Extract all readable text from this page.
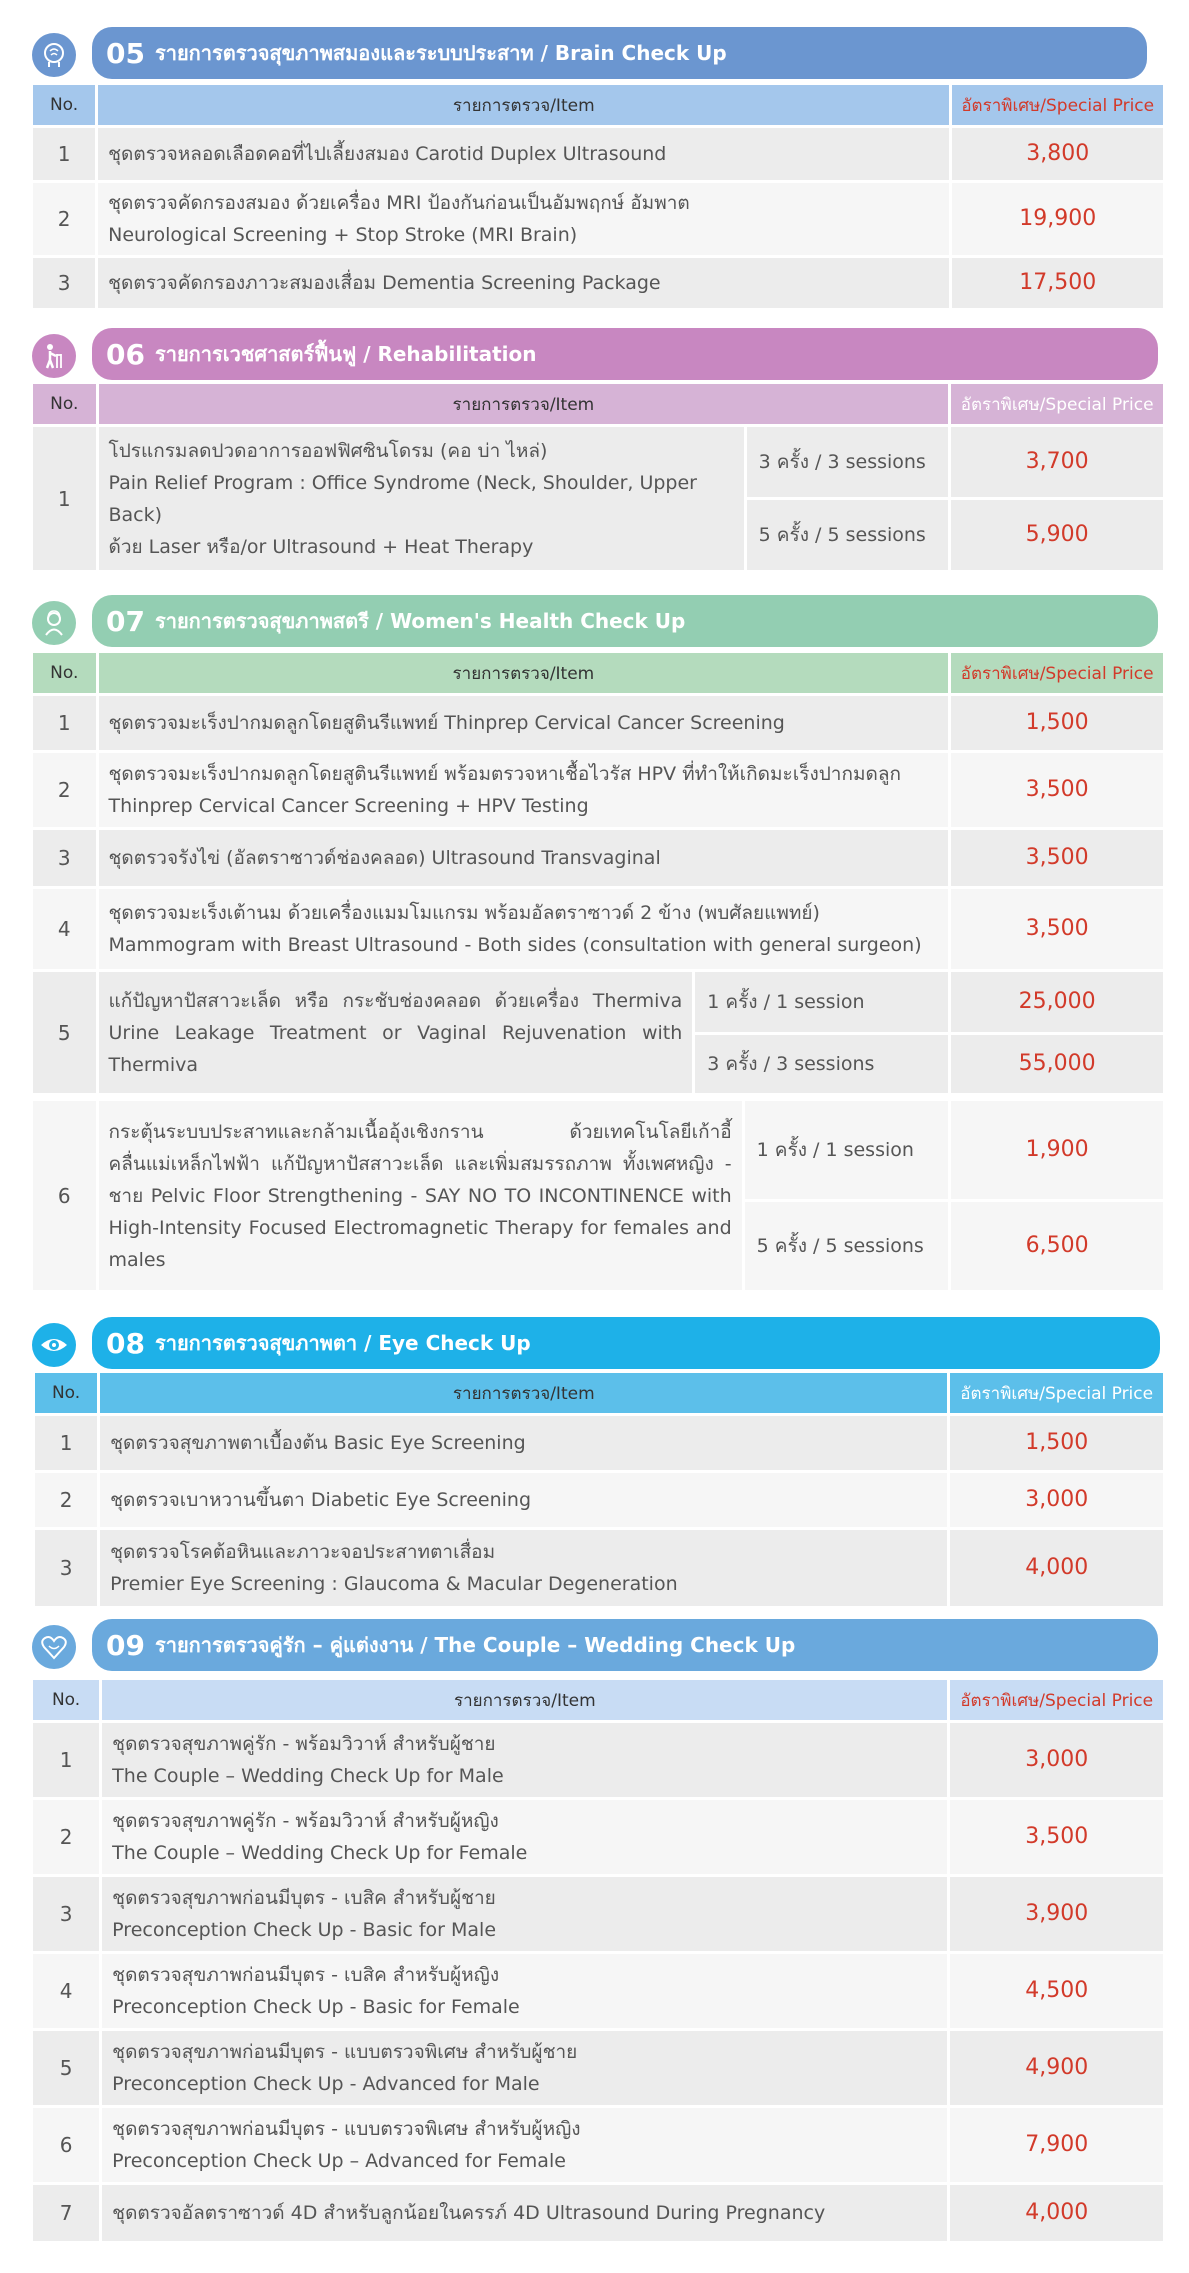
05 รายการตรวจสุขภาพสมองและระบบประสาท / Brain Check Up
No.	รายการตรวจ/Item	อัตราพิเศษ/Special Price
1	ชุดตรวจหลอดเลือดคอที่ไปเลี้ยงสมอง Carotid Duplex Ultrasound	3,800
2	ชุดตรวจคัดกรองสมอง ด้วยเครื่อง MRI ป้องกันก่อนเป็นอัมพฤกษ์ อัมพาต
Neurological Screening + Stop Stroke (MRI Brain)	19,900
3	ชุดตรวจคัดกรองภาวะสมองเสื่อม Dementia Screening Package	17,500
06 รายการเวชศาสตร์ฟื้นฟู / Rehabilitation
No.	รายการตรวจ/Item		อัตราพิเศษ/Special Price
1	โปรแกรมลดปวดอาการออฟฟิศซินโดรม (คอ บ่า ไหล่)
Pain Relief Program : Office Syndrome (Neck, Shoulder, Upper Back)
ด้วย Laser หรือ/or Ultrasound + Heat Therapy	3 ครั้ง / 3 sessions	3,700
		5 ครั้ง / 5 sessions	5,900
07 รายการตรวจสุขภาพสตรี / Women's Health Check Up
No.	รายการตรวจ/Item		อัตราพิเศษ/Special Price
1	ชุดตรวจมะเร็งปากมดลูกโดยสูตินรีแพทย์ Thinprep Cervical Cancer Screening		1,500
2	ชุดตรวจมะเร็งปากมดลูกโดยสูตินรีแพทย์ พร้อมตรวจหาเชื้อไวรัส HPV ที่ทำให้เกิดมะเร็งปากมดลูก
Thinprep Cervical Cancer Screening + HPV Testing		3,500
3	ชุดตรวจรังไข่ (อัลตราซาวด์ช่องคลอด) Ultrasound Transvaginal		3,500
4	ชุดตรวจมะเร็งเต้านม ด้วยเครื่องแมมโมแกรม พร้อมอัลตราซาวด์ 2 ข้าง (พบศัลยแพทย์)
Mammogram with Breast Ultrasound - Both sides (consultation with general surgeon)		3,500
5	แก้ปัญหาปัสสาวะเล็ด หรือ กระชับช่องคลอด ด้วยเครื่อง Thermiva Urine Leakage Treatment or Vaginal Rejuvenation with Thermiva	1 ครั้ง / 1 session	25,000
		3 ครั้ง / 3 sessions	55,000
6	กระตุ้นระบบประสาทและกล้ามเนื้ออุ้งเชิงกราน ด้วยเทคโนโลยีเก้าอี้คลื่นแม่เหล็กไฟฟ้า แก้ปัญหาปัสสาวะเล็ด และเพิ่มสมรรถภาพ ทั้งเพศหญิง - ชาย Pelvic Floor Strengthening - SAY NO TO INCONTINENCE with High-Intensity Focused Electromagnetic Therapy for females and males	1 ครั้ง / 1 session	1,900
		5 ครั้ง / 5 sessions	6,500
08 รายการตรวจสุขภาพตา / Eye Check Up
No.	รายการตรวจ/Item	อัตราพิเศษ/Special Price
1	ชุดตรวจสุขภาพตาเบื้องต้น Basic Eye Screening	1,500
2	ชุดตรวจเบาหวานขึ้นตา Diabetic Eye Screening	3,000
3	ชุดตรวจโรคต้อหินและภาวะจอประสาทตาเสื่อม
Premier Eye Screening : Glaucoma & Macular Degeneration	4,000
09 รายการตรวจคู่รัก – คู่แต่งงาน / The Couple – Wedding Check Up
No.	รายการตรวจ/Item	อัตราพิเศษ/Special Price
1	ชุดตรวจสุขภาพคู่รัก - พร้อมวิวาห์ สำหรับผู้ชาย
The Couple – Wedding Check Up for Male	3,000
2	ชุดตรวจสุขภาพคู่รัก - พร้อมวิวาห์ สำหรับผู้หญิง
The Couple – Wedding Check Up for Female	3,500
3	ชุดตรวจสุขภาพก่อนมีบุตร - เบสิค สำหรับผู้ชาย
Preconception Check Up - Basic for Male	3,900
4	ชุดตรวจสุขภาพก่อนมีบุตร - เบสิค สำหรับผู้หญิง
Preconception Check Up - Basic for Female	4,500
5	ชุดตรวจสุขภาพก่อนมีบุตร - แบบตรวจพิเศษ สำหรับผู้ชาย
Preconception Check Up - Advanced for Male	4,900
6	ชุดตรวจสุขภาพก่อนมีบุตร - แบบตรวจพิเศษ สำหรับผู้หญิง
Preconception Check Up – Advanced for Female	7,900
7	ชุดตรวจอัลตราซาวด์ 4D สำหรับลูกน้อยในครรภ์ 4D Ultrasound During Pregnancy	4,000
